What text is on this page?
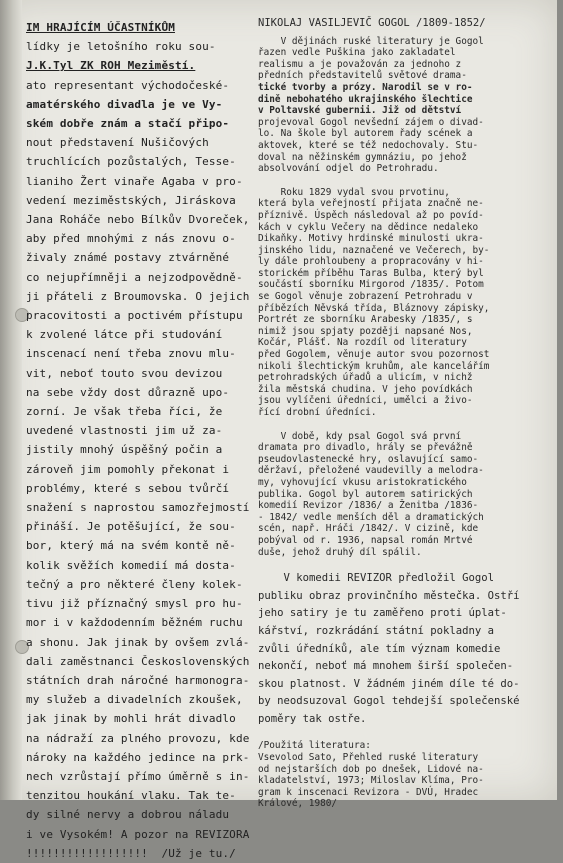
IM HRAJÍCÍM ÚČASTNÍKŮM
lídky je letošního roku sou-
J.K.Tyl ZK ROH Meziměstí.
ato representant východočeské-
amatérského divadla je ve Vy-
ském dobře znám a stačí připo-
nout představení Nušičových
truchlících pozůstalých, Tesse-
lianiho Žert vinaře Agaba v pro-
vedení meziměstských, Jiráskova
Jana Roháče nebo Bílkův Dvoreček,
aby před mnohými z nás znovu o-
živaly známé postavy ztvárněné
co nejupřímněji a nejzodpovědně-
ji přáteli z Broumovska. O jejich
pracovitosti a poctivém přístupu
k zvolené látce při studování
inscenací není třeba znovu mlu-
vit, neboť touto svou devizou
na sebe vždy dost důrazně upo-
zorní. Je však třeba říci, že
uvedené vlastnosti jim už za-
jistily mnohý úspěšný počin a
zároveň jim pomohly překonat i
problémy, které s sebou tvůrčí
snažení s naprostou samozřejmostí
přináší. Je potěšující, že sou-
bor, který má na svém kontě ně-
kolik svěžích komedií má dosta-
tečný a pro některé členy kolek-
tivu již příznačný smysl pro hu-
mor i v každodenním běžném ruchu
a shonu. Jak jinak by ovšem zvlá-
dali zaměstnanci Československých
státních drah náročné harmonogra-
my služeb a divadelních zkoušek,
jak jinak by mohli hrát divadlo
na nádraží za plného provozu, kde
nároky na každého jedince na prk-
nech vzrůstají přímo úměrně s in-
tenzitou houkání vlaku. Tak te-
dy silné nervy a dobrou náladu
i ve Vysokém! A pozor na REVIZORA
!!!!!!!!!!!!!!!!!!  /Už je tu./
NIKOLAJ VASILJEVIČ GOGOL /1809-1852/
V dějinách ruské literatury je Gogol
řazen vedle Puškina jako zakladatel
realismu a je považován za jednoho z
předních představitelů světové drama-
tické tvorby a prózy. Narodil se v ro-
dině nebohatého ukrajinského šlechtice
v Poltavské gubernii. Již od dětství
projevoval Gogol nevšední zájem o divad-
lo. Na škole byl autorem řady scének a
aktovek, které se též nedochovaly. Stu-
doval na něžinském gymnáziu, po jehož
absolvování odjel do Petrohradu.
Roku 1829 vydal svou prvotinu,
která byla veřejností přijata značně ne-
příznivě. Úspěch následoval až po povíd-
kách v cyklu Večery na dědince nedaleko
Dikaňky. Motivy hrdinské minulosti ukra-
jinského lidu, naznačené ve Večerech, by-
ly dále prohloubeny a propracovány v hi-
storickém příběhu Taras Bulba, který byl
součástí sborníku Mirgorod /1835/. Potom
se Gogol věnuje zobrazení Petrohradu v
příbězích Něvská třída, Bláznovy zápisky,
Portrét ze sborníku Arabesky /1835/, s
nimiž jsou spjaty později napsané Nos,
Kočár, Plášť. Na rozdíl od literatury
před Gogolem, věnuje autor svou pozornost
nikoli šlechtickým kruhům, ale kancelářím
petrohradských úřadů a ulicím, v nichž
žila městská chudina. V jeho povídkách
jsou vylíčeni úředníci, umělci a živo-
řící drobní úředníci.
V době, kdy psal Gogol svá první
dramata pro divadlo, hrály se převážně
pseudovlastenecké hry, oslavující samo-
děržaví, přeložené vaudevilly a melodra-
my, vyhovující vkusu aristokratického
publika. Gogol byl autorem satirických
komedií Revizor /1836/ a Ženitba /1836-
- 1842/ vedle menších děl a dramatických
scén, např. Hráči /1842/. V cizině, kde
pobýval od r. 1936, napsal román Mrtvé
duše, jehož druhý díl spálil.
V komedii REVIZOR předložil Gogol
publiku obraz provinčního městečka. Ostří
jeho satiry je tu zaměřeno proti úplat-
kářství, rozkrádání státní pokladny a
zvůli úředníků, ale tím význam komedie
nekončí, neboť má mnohem širší společen-
skou platnost. V žádném jiném díle té do-
by neodsuzoval Gogol tehdejší společenské
poměry tak ostře.
/Použitá literatura:
Vsevolod Sato, Přehled ruské literatury
od nejstarších dob po dnešek, Lidové na-
kladatelství, 1973; Miloslav Klíma, Pro-
gram k inscenaci Revizora - DVÚ, Hradec
Králové, 1980/
